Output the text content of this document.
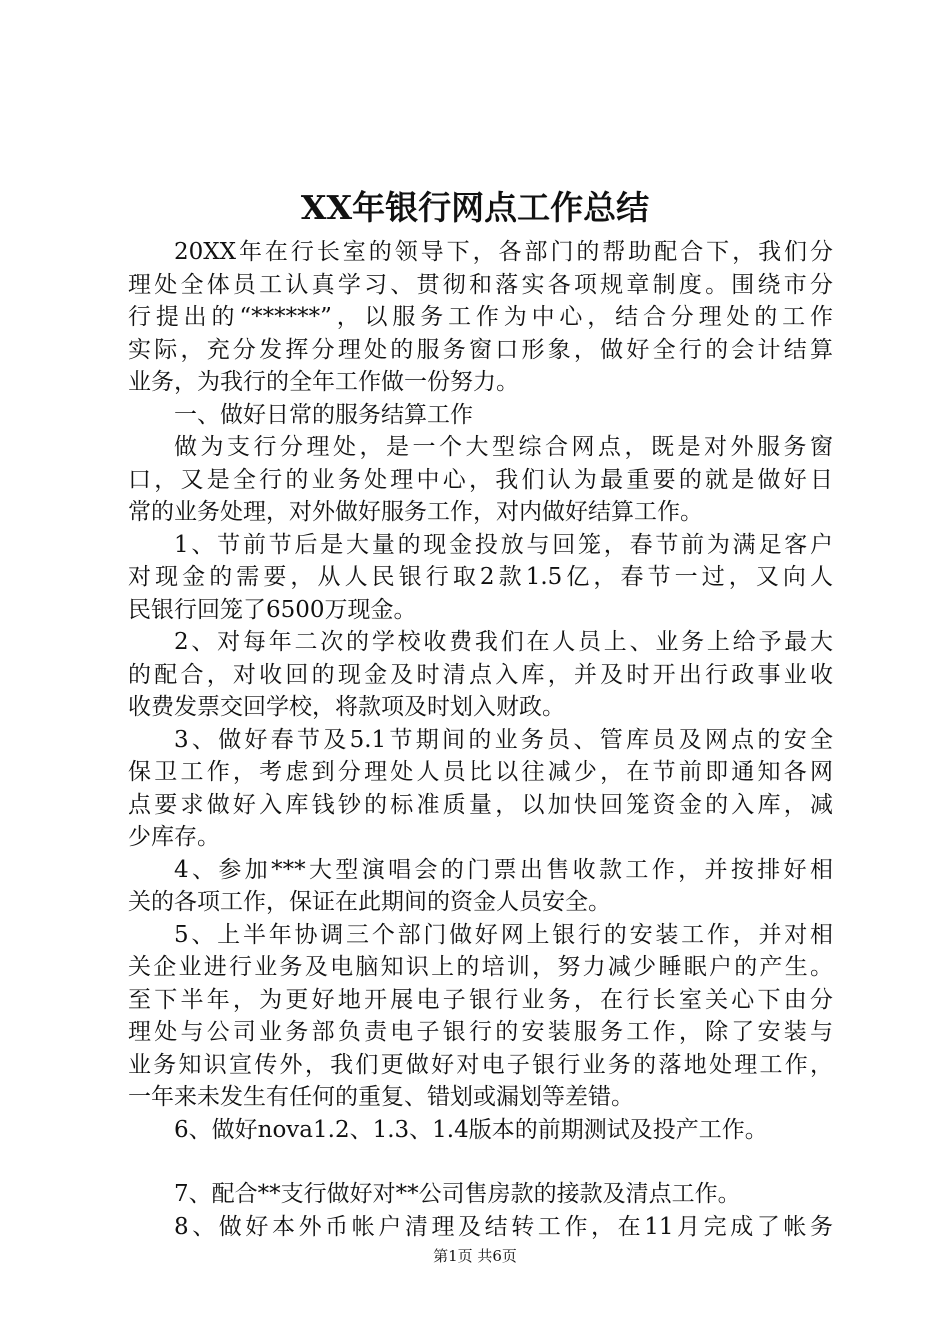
XX年银行网点工作总结
20XX年在行长室的领导下，各部门的帮助配合下，我们分
理处全体员工认真学习、贯彻和落实各项规章制度。围绕市分
行提出的“******”，以服务工作为中心，结合分理处的工作
实际，充分发挥分理处的服务窗口形象，做好全行的会计结算
业务，为我行的全年工作做一份努力。
一、做好日常的服务结算工作
做为支行分理处，是一个大型综合网点，既是对外服务窗
口，又是全行的业务处理中心，我们认为最重要的就是做好日
常的业务处理，对外做好服务工作，对内做好结算工作。
1、节前节后是大量的现金投放与回笼，春节前为满足客户
对现金的需要，从人民银行取2款1.5亿，春节一过，又向人
民银行回笼了6500万现金。
2、对每年二次的学校收费我们在人员上、业务上给予最大
的配合，对收回的现金及时清点入库，并及时开出行政事业收
收费发票交回学校，将款项及时划入财政。
3、做好春节及5.1节期间的业务员、管库员及网点的安全
保卫工作，考虑到分理处人员比以往减少，在节前即通知各网
点要求做好入库钱钞的标准质量，以加快回笼资金的入库，减
少库存。
4、参加***大型演唱会的门票出售收款工作，并按排好相
关的各项工作，保证在此期间的资金人员安全。
5、上半年协调三个部门做好网上银行的安装工作，并对相
关企业进行业务及电脑知识上的培训，努力减少睡眠户的产生。
至下半年，为更好地开展电子银行业务，在行长室关心下由分
理处与公司业务部负责电子银行的安装服务工作，除了安装与
业务知识宣传外，我们更做好对电子银行业务的落地处理工作，
一年来未发生有任何的重复、错划或漏划等差错。
6、做好nova1.2、1.3、1.4版本的前期测试及投产工作。
7、配合**支行做好对**公司售房款的接款及清点工作。
8、做好本外币帐户清理及结转工作，在11月完成了帐务
第1页 共6页
